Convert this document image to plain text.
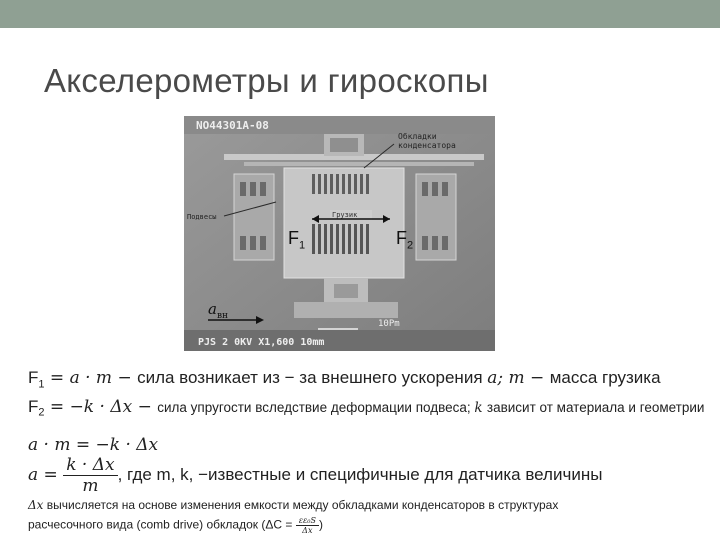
Акселерометры и гироскопы
NO44301A-08
Обкладки конденсатора
Грузик
Подвесы
10Pm
PJS 2 0KV X1,600 10mm
$F_1$	$F_2$
$a_{вн}$
$F_1 = a \cdot m$ − сила возникает из − за внешнего ускорения a; m − масса грузика
$F_2 = -k \cdot \Delta x$ − сила упругости вследствие деформации подвеса; k зависит от материала и геометрии
a · m = −k · Δx
$a = \frac{k \cdot \Delta x}{m}$ , где m, k, −известные и специфичные для датчика величины
Δx вычисляется на основе изменения емкости между обкладками конденсаторов в структурах
расчесочного вида (comb drive) обкладок ($\Delta C = \frac{\text{εε₀S}}{\Delta x}$ )
